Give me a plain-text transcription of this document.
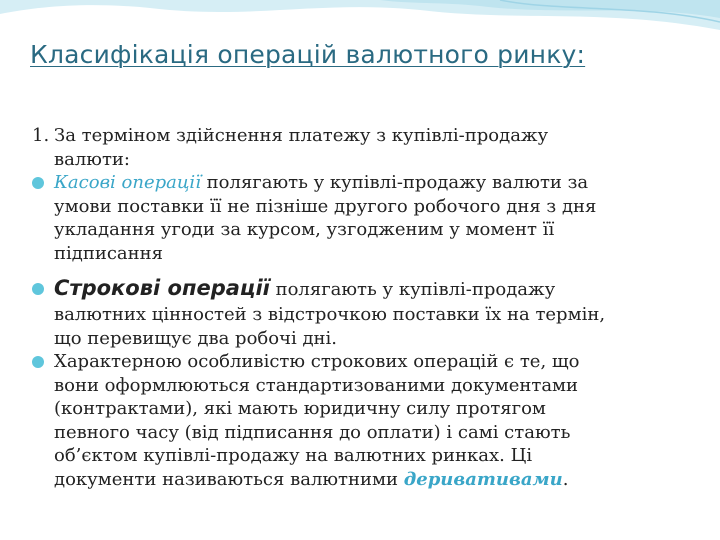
Класифікація операцій валютного ринку:
1. За терміном здійснення платежу з купівлі-продажу
валюти:
Касові операції полягають у купівлі-продажу валюти за
умови поставки її не пізніше другого робочого дня з дня
укладання угоди за курсом, узгодженим у момент її
підписання
Строкові операції полягають у купівлі-продажу
валютних цінностей з відстрочкою поставки їх на термін,
що перевищує два робочі дні.
Характерною особливістю строкових операцій є те, що
вони оформлюються стандартизованими документами
(контрактами), які мають юридичну силу протягом
певного часу (від підписання до оплати) і самі стають
об’єктом купівлі-продажу на валютних ринках. Ці
документи називаються валютними деривативами.
